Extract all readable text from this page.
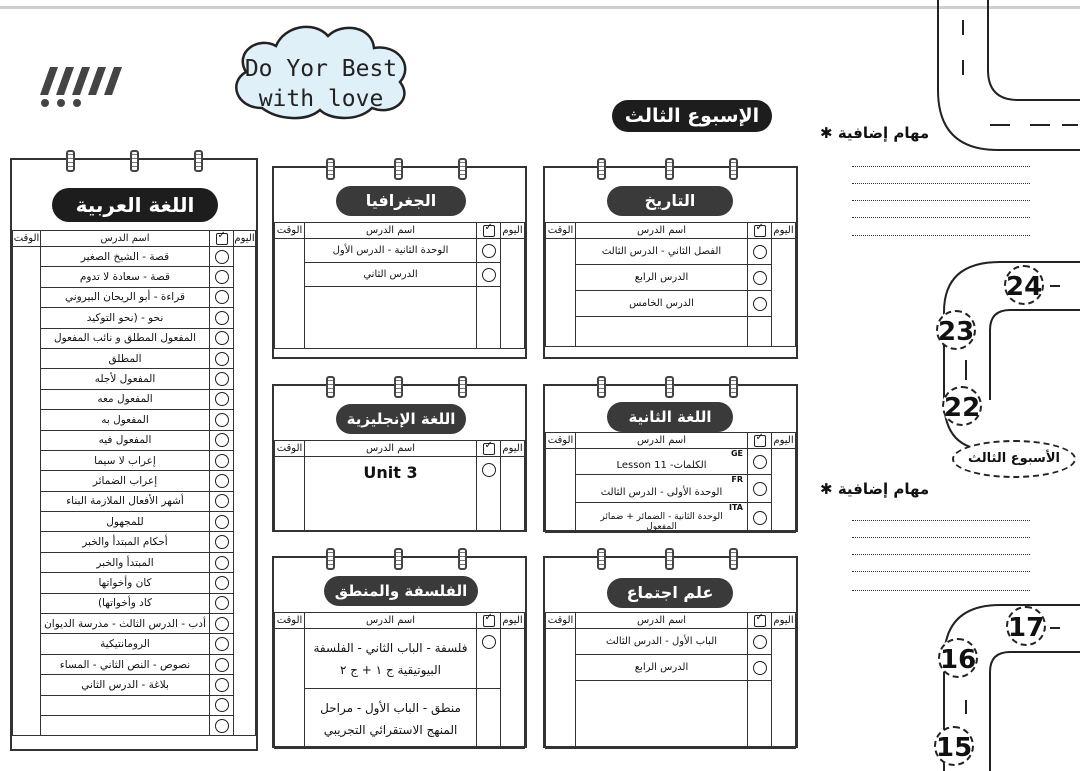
Do Yor Best
with love
الإسبوع الثالث
مهام إضافية ✱
مهام إضافية ✱
اللغة العربية
اليوم	✓	اسم الدرس	الوقت
		قصة - الشيخ الصغير	
		قصة - سعادة لا تدوم	
		قراءة - أبو الريحان البيروني	
		نحو - (نحو التوكيد	
		المفعول المطلق و نائب المفعول	
		المطلق	
		المفعول لأجله	
		المفعول معه	
		المفعول به	
		المفعول فيه	
		إعراب لا سيما	
		إعراب الضمائر	
		أشهر الأفعال الملازمة البناء	
		للمجهول	
		أحكام المبتدأ والخبر	
		المبتدأ والخبر	
		كان وأخواتها	
		كاد وأخواتها)	
		أدب - الدرس الثالث - مدرسة الديوان	
		الرومانتيكية	
		نصوص - النص الثاني - المساء	
		بلاغة - الدرس الثاني	

الجغرافيا
اليوم	✓	اسم الدرس	الوقت
		الوحدة الثانية - الدرس الأول	
		الدرس الثاني	

التاريخ
اليوم	✓	اسم الدرس	الوقت
		الفصل الثاني - الدرس الثالث	
		الدرس الرابع	
		الدرس الخامس	

اللغة الإنجليزية
اليوم	✓	اسم الدرس	الوقت
		Unit 3	
اللغة الثانية
اليوم	✓	اسم الدرس	الوقت

		GE
الكلمات- Lesson 11	

		FR
الوحدة الأولى - الدرس الثالث	

		ITA
الوحدة الثانية - الضمائر + ضمائر المفعول	
الفلسفة والمنطق
اليوم	✓	اسم الدرس	الوقت
		فلسفة - الباب الثاني - الفلسفة البيوتيقية ج ١ + ج ٢	
		منطق - الباب الأول - مراحل المنهج الاستقرائي التجريبي	
علم اجتماع
اليوم	✓	اسم الدرس	الوقت
		الباب الأول - الدرس الثالث	
		الدرس الرابع	

24
23
22
الأسبوع الثالث
17
16
15
